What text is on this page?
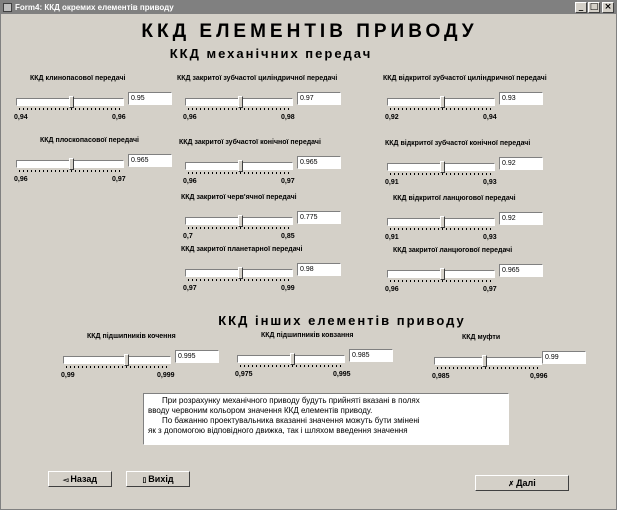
Form4: ККД окремих елементів приводу	_ □ ×
ККД ЕЛЕМЕНТІВ ПРИВОДУ
ККД механічних передач
ККД клинопасової передачі
0,94	0,96
0.95
ККД плоскопасової передачі
0,96	0,97
0.965
ККД закритої зубчастої циліндричної передачі
0,96	0,98
0.97
ККД закритої зубчастої конічної передачі
0,96	0,97
0.965
ККД закритої черв'ячної передачі
0,7	0,85
0.775
ККД закритої планетарної передачі
0,97	0,99
0.98
ККД відкритої зубчастої циліндричної передачі
0,92	0,94
0.93
ККД відкритої зубчастої конічної передачі
0,91	0,93
0.92
ККД відкритої ланцюгової передачі
0,91	0,93
0.92
ККД закритої ланцюгової передачі
0,96	0,97
0.965
ККД інших елементів приводу
ККД підшипників кочення
0,99	0,999
0.995
ККД підшипників ковзання
0,975	0,995
0.985
ККД муфти
0,985	0,996
0.99

При розрахунку механічного приводу будуть прийняті вказані в полях

вводу червоним кольором значення ККД елементів приводу.

По бажанню проектувальника вказанні значення можуть бути змінені

як з допомогою відповідного движка, так і шляхом введення значення

◅ Назад	▯ Вихід
✗ Далі
